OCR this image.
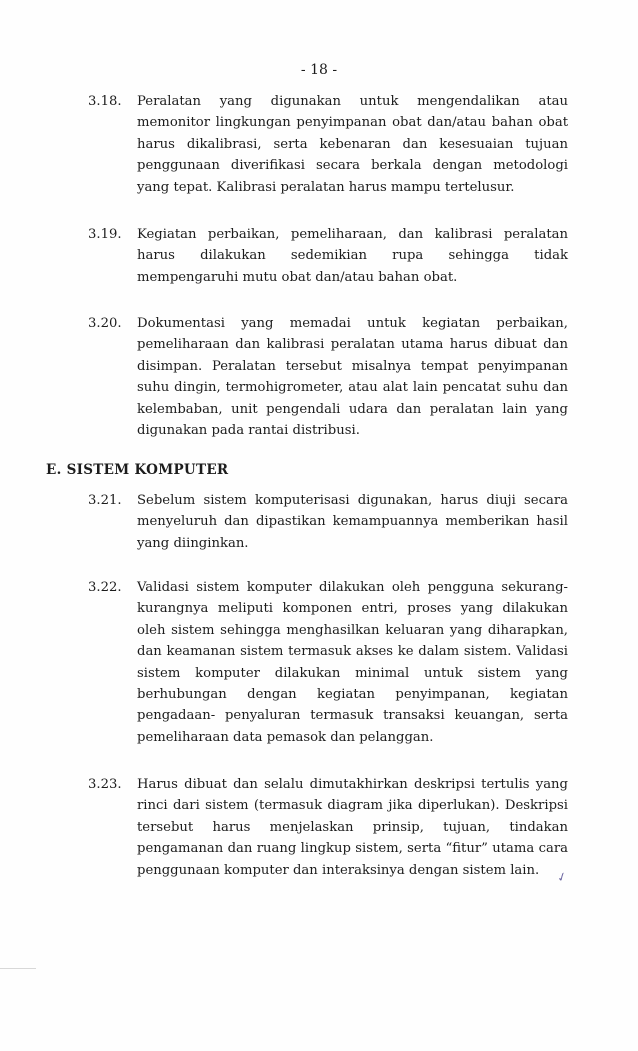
- 18 -
3.18.	Peralatan yang digunakan untuk mengendalikan atau memonitor lingkungan penyimpanan obat dan/atau bahan obat harus dikalibrasi, serta kebenaran dan kesesuaian tujuan penggunaan diverifikasi secara berkala dengan metodologi yang tepat. Kalibrasi peralatan harus mampu tertelusur.
3.19.	Kegiatan perbaikan, pemeliharaan, dan kalibrasi peralatan harus dilakukan sedemikian rupa sehingga tidak mempengaruhi mutu obat dan/atau bahan obat.
3.20.	Dokumentasi yang memadai untuk kegiatan perbaikan, pemeliharaan dan kalibrasi peralatan utama harus dibuat dan disimpan. Peralatan tersebut misalnya tempat penyimpanan suhu dingin, termohigrometer, atau alat lain pencatat suhu dan kelembaban, unit pengendali udara dan peralatan lain yang digunakan pada rantai distribusi.
E. SISTEM KOMPUTER
3.21.	Sebelum sistem komputerisasi digunakan, harus diuji secara menyeluruh dan dipastikan kemampuannya memberikan hasil yang diinginkan.
3.22.	Validasi sistem komputer dilakukan oleh pengguna sekurang-kurangnya meliputi komponen entri, proses yang dilakukan oleh sistem sehingga menghasilkan keluaran yang diharapkan, dan keamanan sistem termasuk akses ke dalam sistem. Validasi sistem komputer dilakukan minimal untuk sistem yang berhubungan dengan kegiatan penyimpanan, kegiatan pengadaan- penyaluran termasuk transaksi keuangan, serta pemeliharaan data pemasok dan pelanggan.
3.23.	Harus dibuat dan selalu dimutakhirkan deskripsi tertulis yang rinci dari sistem (termasuk diagram jika diperlukan). Deskripsi tersebut harus menjelaskan prinsip, tujuan, tindakan pengamanan dan ruang lingkup sistem, serta “fitur” utama cara penggunaan komputer dan interaksinya dengan sistem lain.	✓
